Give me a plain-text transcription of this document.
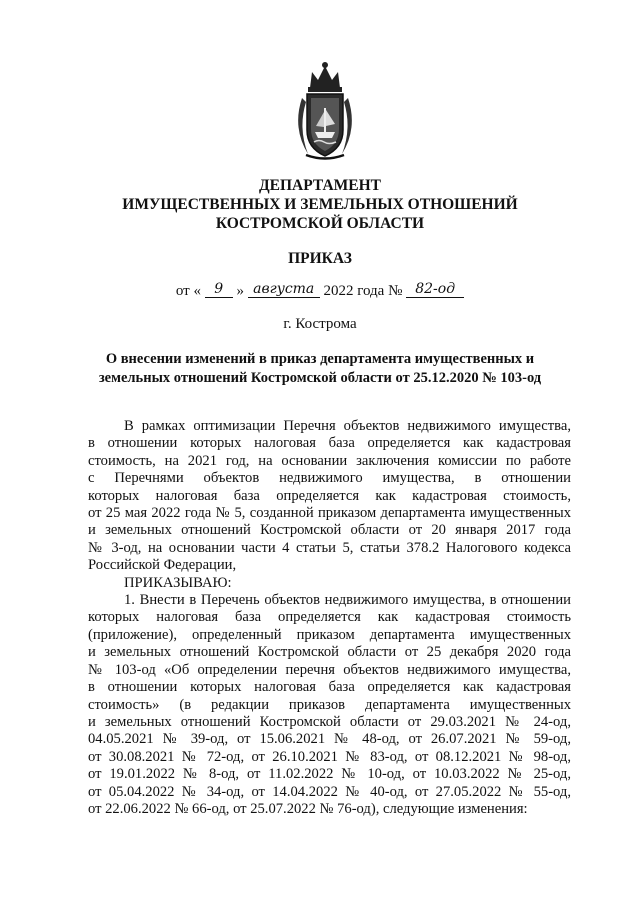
ДЕПАРТАМЕНТ
ИМУЩЕСТВЕННЫХ И ЗЕМЕЛЬНЫХ ОТНОШЕНИЙ
КОСТРОМСКОЙ ОБЛАСТИ
ПРИКАЗ
от « 9 » августа 2022 года № 82-од
г. Кострома
О внесении изменений в приказ департамента имущественных и
земельных отношений Костромской области от 25.12.2020 № 103-од
В рамках оптимизации Перечня объектов недвижимого имущества,
в отношении которых налоговая база определяется как кадастровая
стоимость, на 2021 год, на основании заключения комиссии по работе
с Перечнями объектов недвижимого имущества, в отношении
которых налоговая база определяется как кадастровая стоимость,
от 25 мая 2022 года № 5, созданной приказом департамента имущественных
и земельных отношений Костромской области от 20 января 2017 года
№ 3-од, на основании части 4 статьи 5, статьи 378.2 Налогового кодекса
Российской Федерации,
ПРИКАЗЫВАЮ:
1. Внести в Перечень объектов недвижимого имущества, в отношении
которых налоговая база определяется как кадастровая стоимость
(приложение), определенный приказом департамента имущественных
и земельных отношений Костромской области от 25 декабря 2020 года
№ 103-од «Об определении перечня объектов недвижимого имущества,
в отношении которых налоговая база определяется как кадастровая
стоимость» (в редакции приказов департамента имущественных
и земельных отношений Костромской области от 29.03.2021 № 24-од,
04.05.2021 № 39-од, от 15.06.2021 № 48-од, от 26.07.2021 № 59-од,
от 30.08.2021 № 72-од, от 26.10.2021 № 83-од, от 08.12.2021 № 98-од,
от 19.01.2022 № 8-од, от 11.02.2022 № 10-од, от 10.03.2022 № 25-од,
от 05.04.2022 № 34-од, от 14.04.2022 № 40-од, от 27.05.2022 № 55-од,
от 22.06.2022 № 66-од, от 25.07.2022 № 76-од), следующие изменения:
